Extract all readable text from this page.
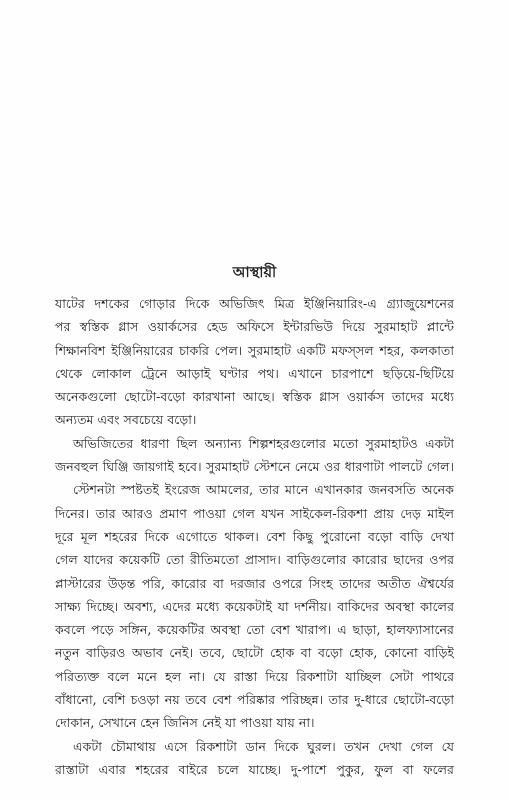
আস্থায়ী
যাটের দশকের গোড়ার দিকে অভিজিৎ মিত্র ইঞ্জিনিয়ারিং-এ গ্র্যাজুয়েশনের
পর স্বস্তিক গ্লাস ওয়ার্কসের হেড অফিসে ইন্টারভিউ দিয়ে সুরমাহাট প্লান্টে
শিক্ষানবিশ ইঞ্জিনিয়ারের চাকরি পেল। সুরমাহাট একটি মফস্সল শহর, কলকাতা
থেকে লোকাল ট্রেনে আড়াই ঘণ্টার পথ। এখানে চারপাশে ছড়িয়ে-ছিটিয়ে
অনেকগুলো ছোটো-বড়ো কারখানা আছে। স্বস্তিক গ্লাস ওয়ার্কস তাদের মধ্যে
অন্যতম এবং সবচেয়ে বড়ো।
অভিজিতের ধারণা ছিল অন্যান্য শিল্পশহরগুলোর মতো সুরমাহাটও একটা
জনবহুল ঘিঞ্জি জায়গাই হবে। সুরমাহাট স্টেশনে নেমে ওর ধারণাটা পালটে গেল।
স্টেশনটা স্পষ্টতই ইংরেজ আমলের, তার মানে এখানকার জনবসতি অনেক
দিনের। তার আরও প্রমাণ পাওয়া গেল যখন সাইকেল-রিকশা প্রায় দেড় মাইল
দূরে মূল শহরের দিকে এগোতে থাকল। বেশ কিছু পুরোনো বড়ো বাড়ি দেখা
গেল যাদের কয়েকটি তো রীতিমতো প্রাসাদ। বাড়িগুলোর কারোর ছাদের ওপর
প্লাস্টারের উড়ন্ত পরি, কারোর বা দরজার ওপরে সিংহ তাদের অতীত ঐশ্বর্যের
সাক্ষ্য দিচ্ছে। অবশ্য, এদের মধ্যে কয়েকটাই যা দর্শনীয়। বাকিদের অবস্থা কালের
কবলে পড়ে সঙ্গিন, কয়েকটির অবস্থা তো বেশ খারাপ। এ ছাড়া, হালফ্যাসানের
নতুন বাড়িরও অভাব নেই। তবে, ছোটো হোক বা বড়ো হোক, কোনো বাড়িই
পরিত্যক্ত বলে মনে হল না। যে রাস্তা দিয়ে রিকশাটা যাচ্ছিল সেটা পাথরে
বাঁধানো, বেশি চওড়া নয় তবে বেশ পরিষ্কার পরিচ্ছন্ন। তার দু-ধারে ছোটো-বড়ো
দোকান, সেখানে হেন জিনিস নেই যা পাওয়া যায় না।
একটা চৌমাথায় এসে রিকশাটা ডান দিকে ঘুরল। তখন দেখা গেল যে
রাস্তাটা এবার শহরের বাইরে চলে যাচ্ছে। দু-পাশে পুকুর, ফুল বা ফলের
